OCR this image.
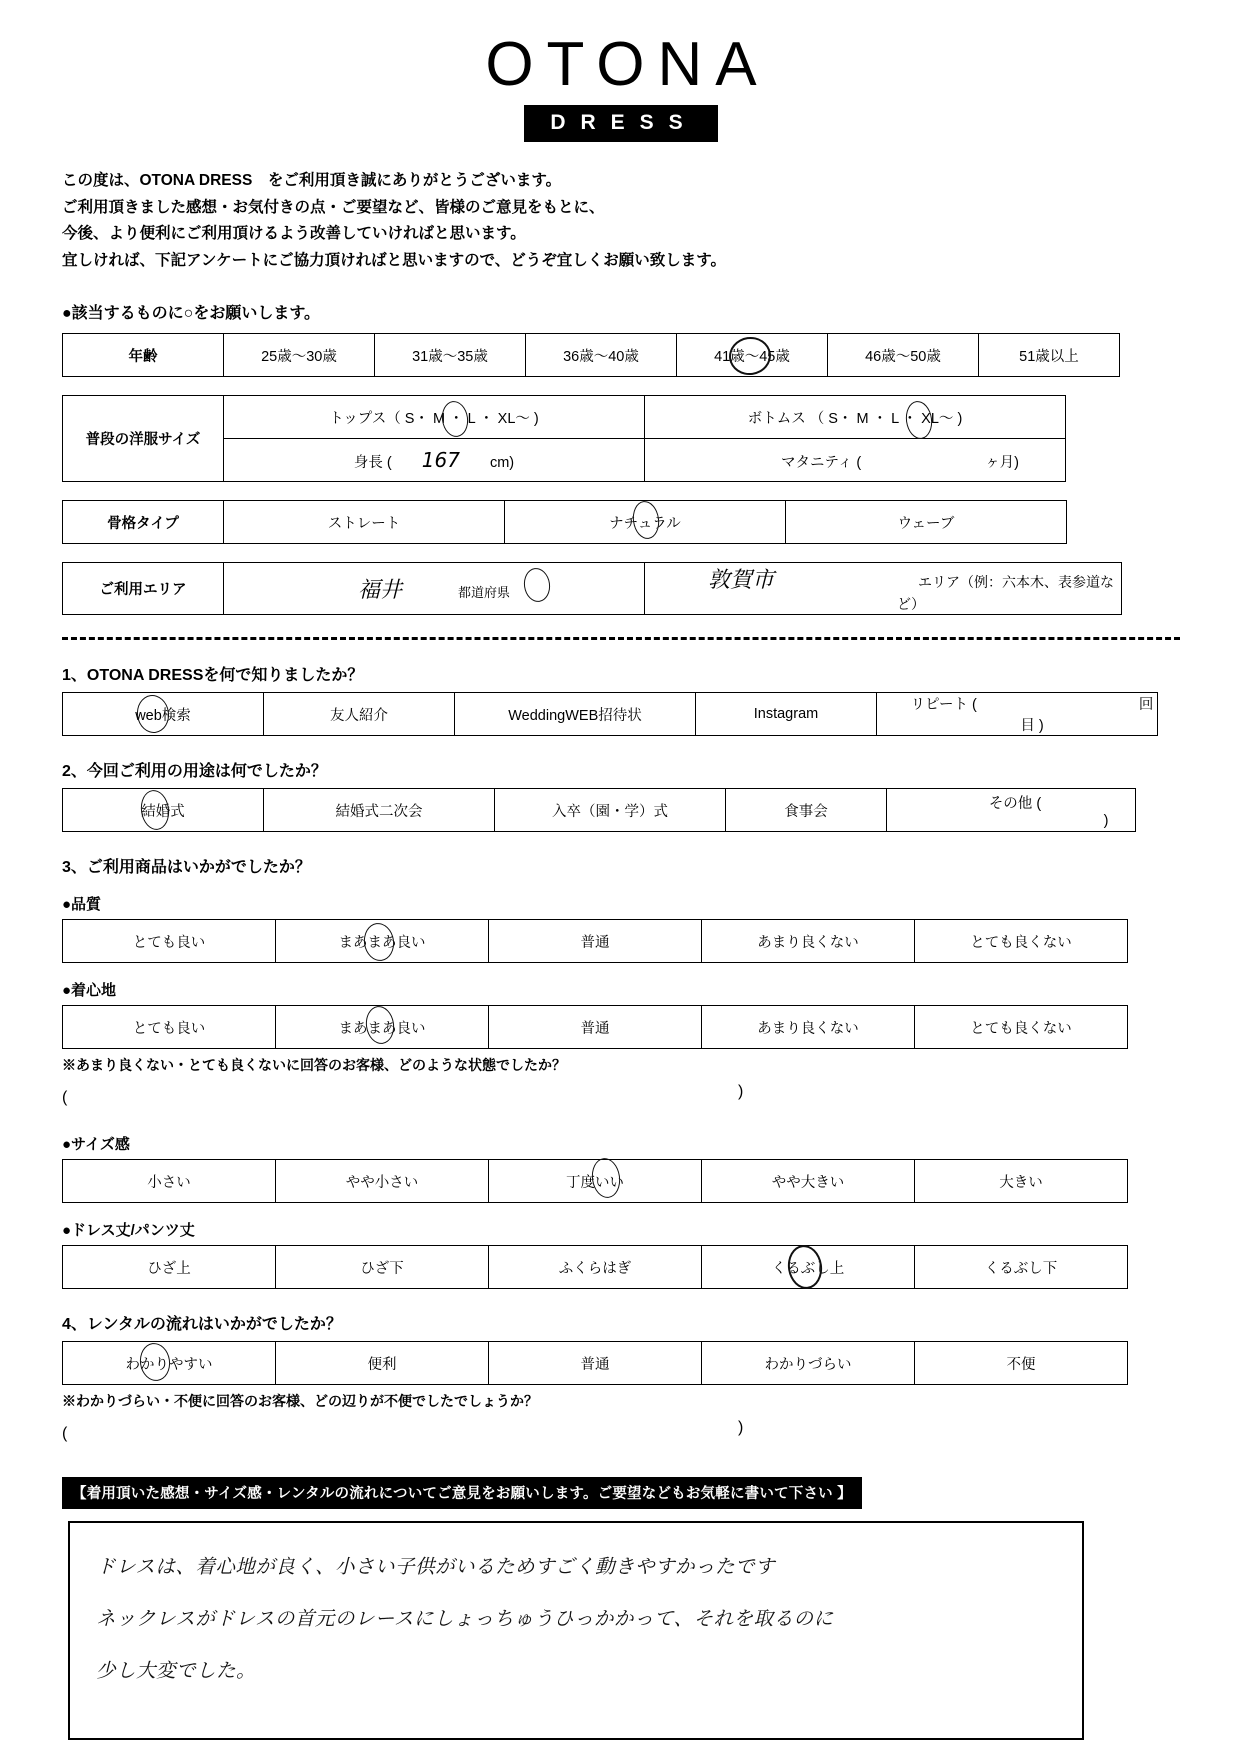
OTONA
DRESS
この度は、OTONA DRESS　をご利用頂き誠にありがとうございます。
ご利用頂きました感想・お気付きの点・ご要望など、皆様のご意見をもとに、
今後、より便利にご利用頂けるよう改善していければと思います。
宜しければ、下記アンケートにご協力頂ければと思いますので、どうぞ宜しくお願い致します。
●該当するものに○をお願いします。
年齢	25歳～30歳	31歳～35歳	36歳～40歳	41歳～45歳	46歳～50歳	51歳以上
普段の洋服サイズ	トップス（ S・ M ・ L ・ XL～ )	ボトムス （ S・ M ・ L ・ XL～ )

	身長 ( 167 cm)	マタニティ ( ヶ月)
骨格タイプ	ストレート	ナチュラル	ウェーブ
ご利用エリア	福井	都道府県	敦賀市	エリア（例：六本木、表参道など）
1、OTONA DRESSを何で知りましたか？
web検索	友人紹介	WeddingWEB招待状	Instagram	リピート (	回目 )
2、今回ご利用の用途は何でしたか？
結婚式	結婚式二次会	入卒（園・学）式	食事会	その他 ( )
3、ご利用商品はいかがでしたか？
●品質
とても良い	まあまあ良い	普通	あまり良くない	とても良くない
●着心地
とても良い	まあまあ良い	普通	あまり良くない	とても良くない
※あまり良くない・とても良くないに回答のお客様、どのような状態でしたか？
(	)
●サイズ感
小さい	やや小さい	丁度いい	やや大きい	大きい
●ドレス丈/パンツ丈
ひざ上	ひざ下	ふくらはぎ	くるぶし上	くるぶし下
4、レンタルの流れはいかがでしたか？
わかりやすい	便利	普通	わかりづらい	不便
※わかりづらい・不便に回答のお客様、どの辺りが不便でしたでしょうか？
(	)
【着用頂いた感想・サイズ感・レンタルの流れについてご意見をお願いします。ご要望などもお気軽に書いて下さい 】
ドレスは、着心地が良く、小さい子供がいるためすごく動きやすかったです
ネックレスがドレスの首元のレースにしょっちゅうひっかかって、それを取るのに
少し大変でした。
